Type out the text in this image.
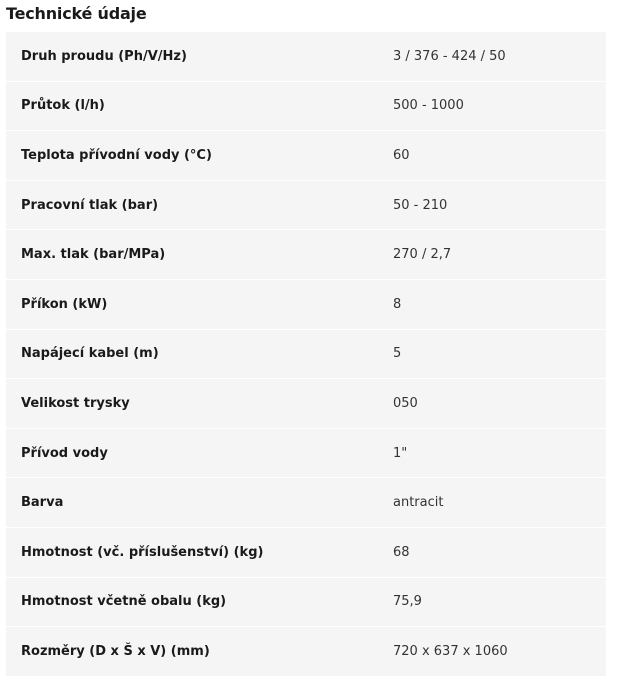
Technické údaje
Druh proudu (Ph/V/Hz)	3 / 376 - 424 / 50
Průtok (l/h)	500 - 1000
Teplota přívodní vody (°C)	60
Pracovní tlak (bar)	50 - 210
Max. tlak (bar/MPa)	270 / 2,7
Příkon (kW)	8
Napájecí kabel (m)	5
Velikost trysky	050
Přívod vody	1"
Barva	antracit
Hmotnost (vč. příslušenství) (kg)	68
Hmotnost včetně obalu (kg)	75,9
Rozměry (D x Š x V) (mm)	720 x 637 x 1060
